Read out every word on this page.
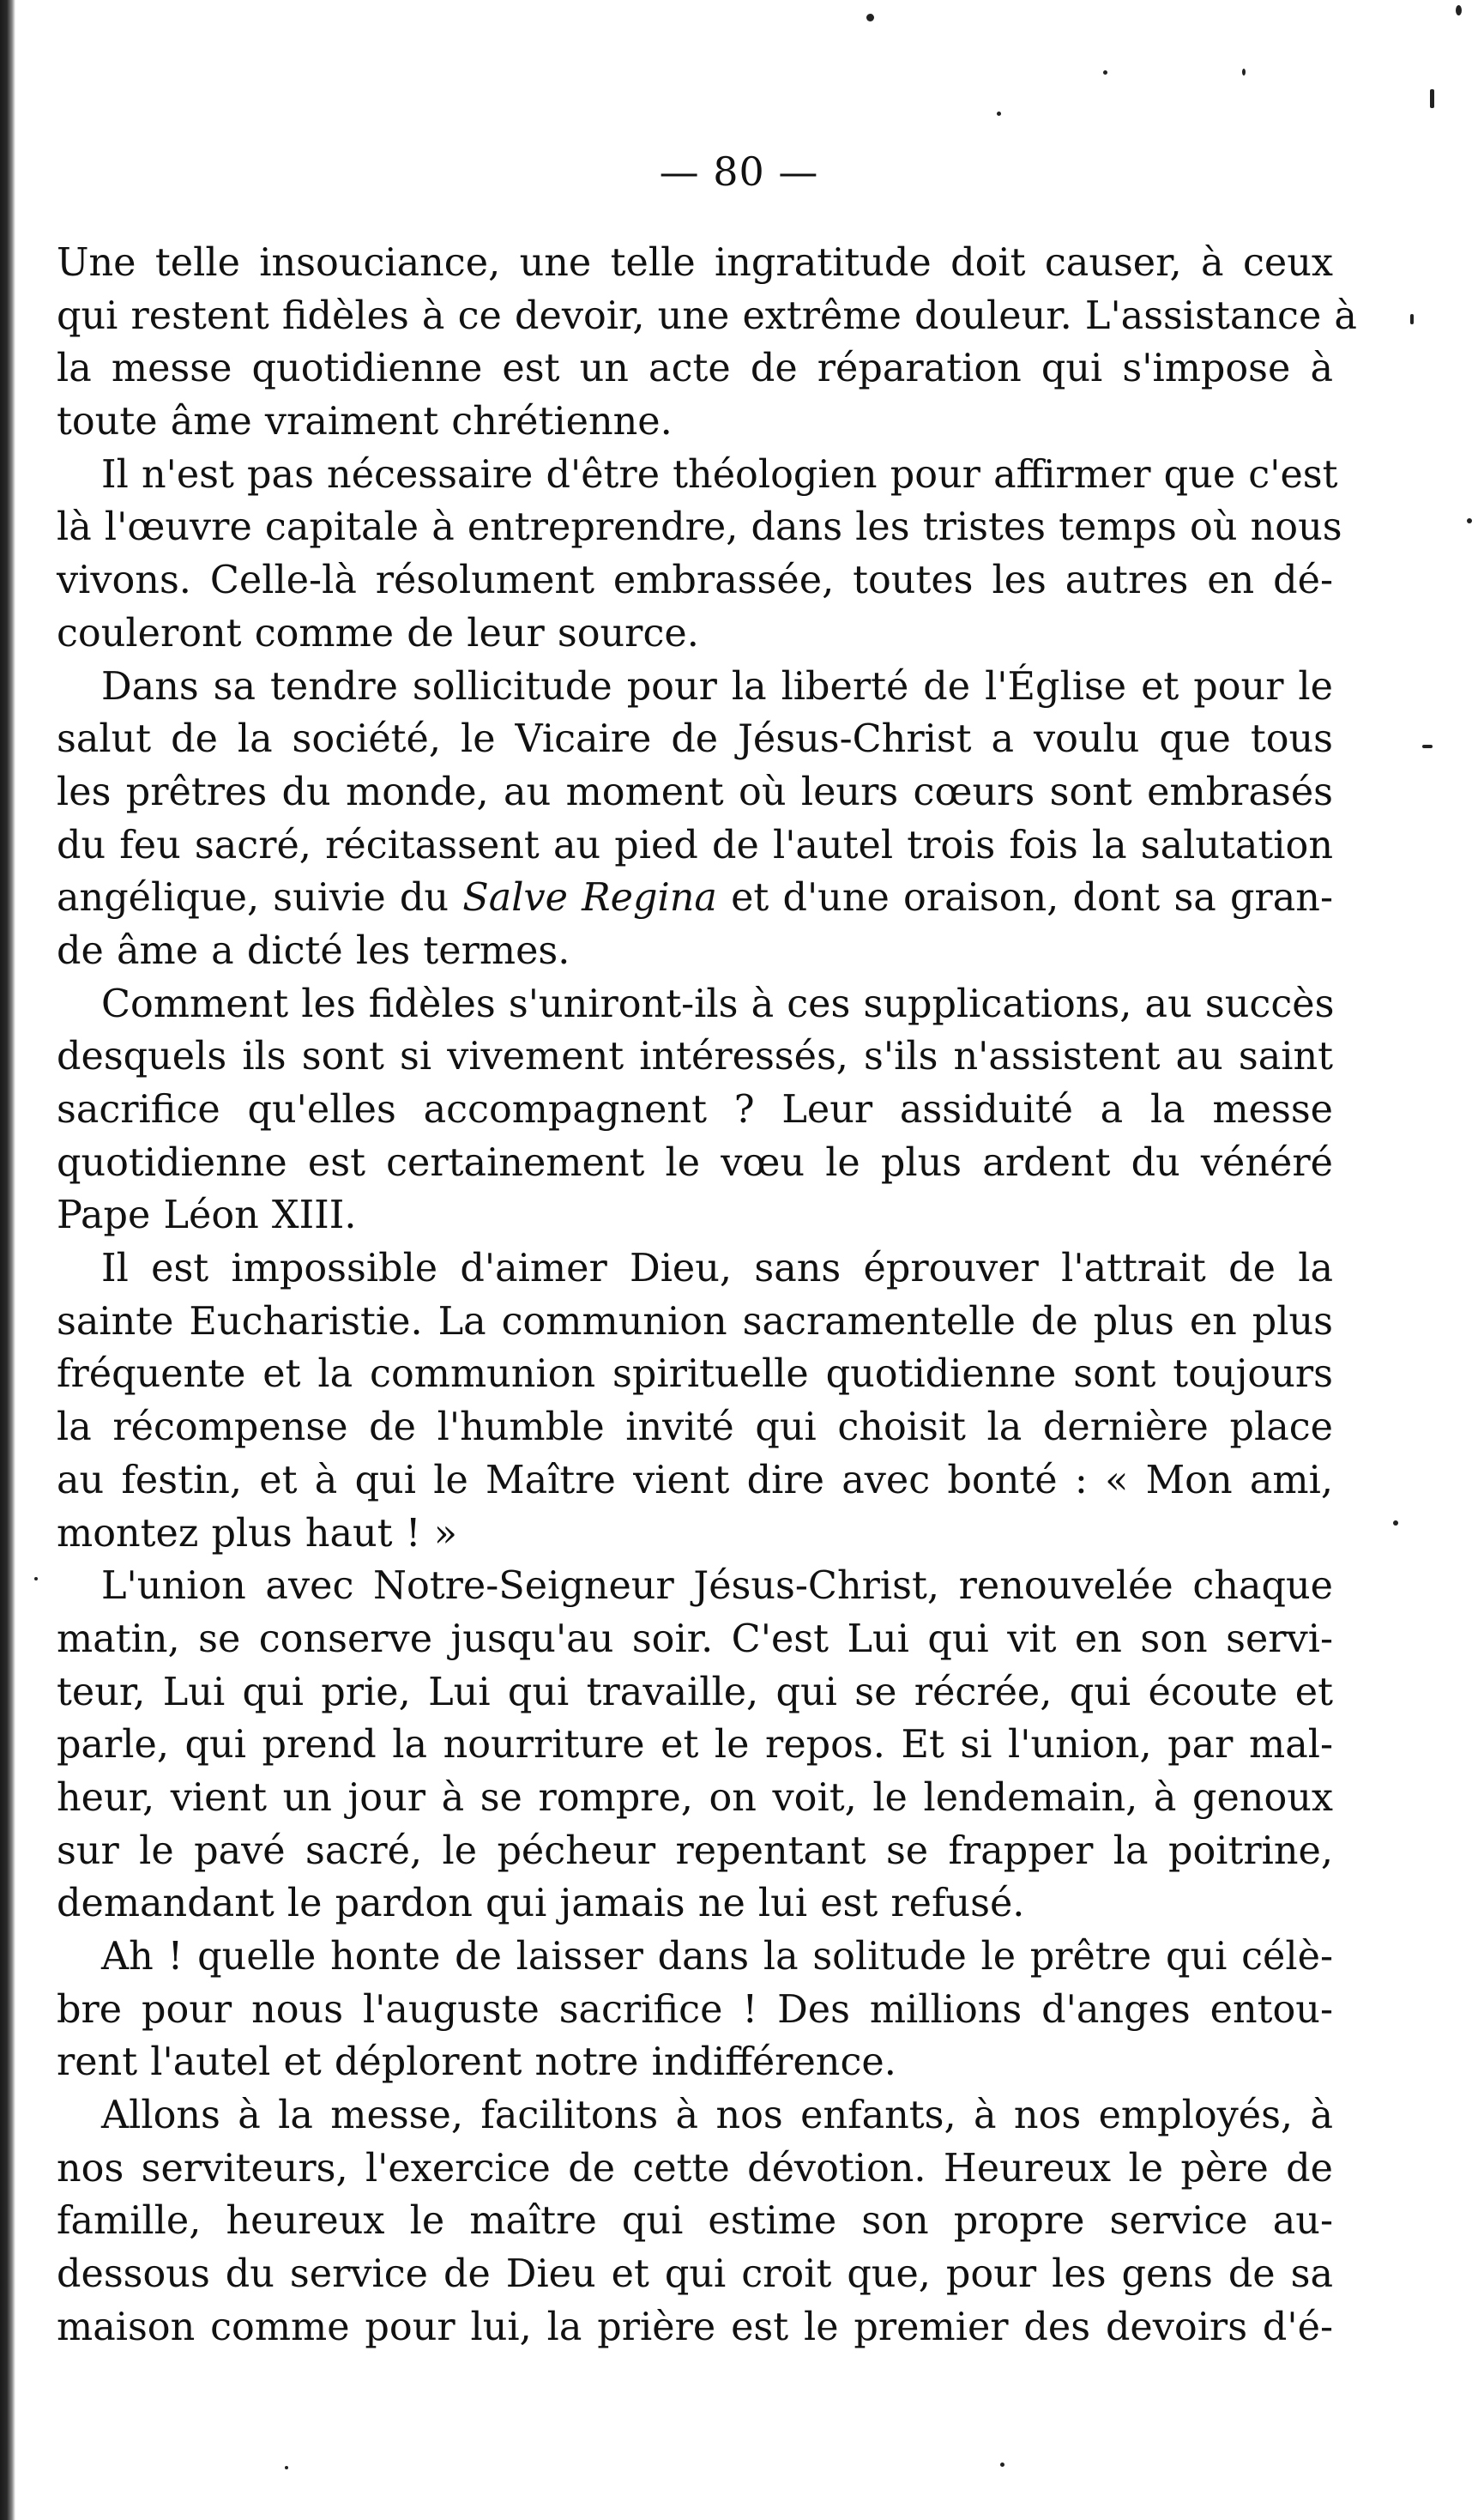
— 80 —
Une telle insouciance, une telle ingratitude doit causer, à ceux
qui restent fidèles à ce devoir, une extrême douleur. L'assistance à
la messe quotidienne est un acte de réparation qui s'impose à
toute âme vraiment chrétienne.
Il n'est pas nécessaire d'être théologien pour affirmer que c'est
là l'œuvre capitale à entreprendre, dans les tristes temps où nous
vivons. Celle-là résolument embrassée, toutes les autres en dé-
couleront comme de leur source.
Dans sa tendre sollicitude pour la liberté de l'Église et pour le
salut de la société, le Vicaire de Jésus-Christ a voulu que tous
les prêtres du monde, au moment où leurs cœurs sont embrasés
du feu sacré, récitassent au pied de l'autel trois fois la salutation
angélique, suivie du Salve Regina et d'une oraison, dont sa gran-
de âme a dicté les termes.
Comment les fidèles s'uniront-ils à ces supplications, au succès
desquels ils sont si vivement intéressés, s'ils n'assistent au saint
sacrifice qu'elles accompagnent ? Leur assiduité a la messe
quotidienne est certainement le vœu le plus ardent du vénéré
Pape Léon XIII.
Il est impossible d'aimer Dieu, sans éprouver l'attrait de la
sainte Eucharistie. La communion sacramentelle de plus en plus
fréquente et la communion spirituelle quotidienne sont toujours
la récompense de l'humble invité qui choisit la dernière place
au festin, et à qui le Maître vient dire avec bonté : « Mon ami,
montez plus haut ! »
L'union avec Notre-Seigneur Jésus-Christ, renouvelée chaque
matin, se conserve jusqu'au soir. C'est Lui qui vit en son servi-
teur, Lui qui prie, Lui qui travaille, qui se récrée, qui écoute et
parle, qui prend la nourriture et le repos. Et si l'union, par mal-
heur, vient un jour à se rompre, on voit, le lendemain, à genoux
sur le pavé sacré, le pécheur repentant se frapper la poitrine,
demandant le pardon qui jamais ne lui est refusé.
Ah ! quelle honte de laisser dans la solitude le prêtre qui célè-
bre pour nous l'auguste sacrifice ! Des millions d'anges entou-
rent l'autel et déplorent notre indifférence.
Allons à la messe, facilitons à nos enfants, à nos employés, à
nos serviteurs, l'exercice de cette dévotion. Heureux le père de
famille, heureux le maître qui estime son propre service au-
dessous du service de Dieu et qui croit que, pour les gens de sa
maison comme pour lui, la prière est le premier des devoirs d'é-
